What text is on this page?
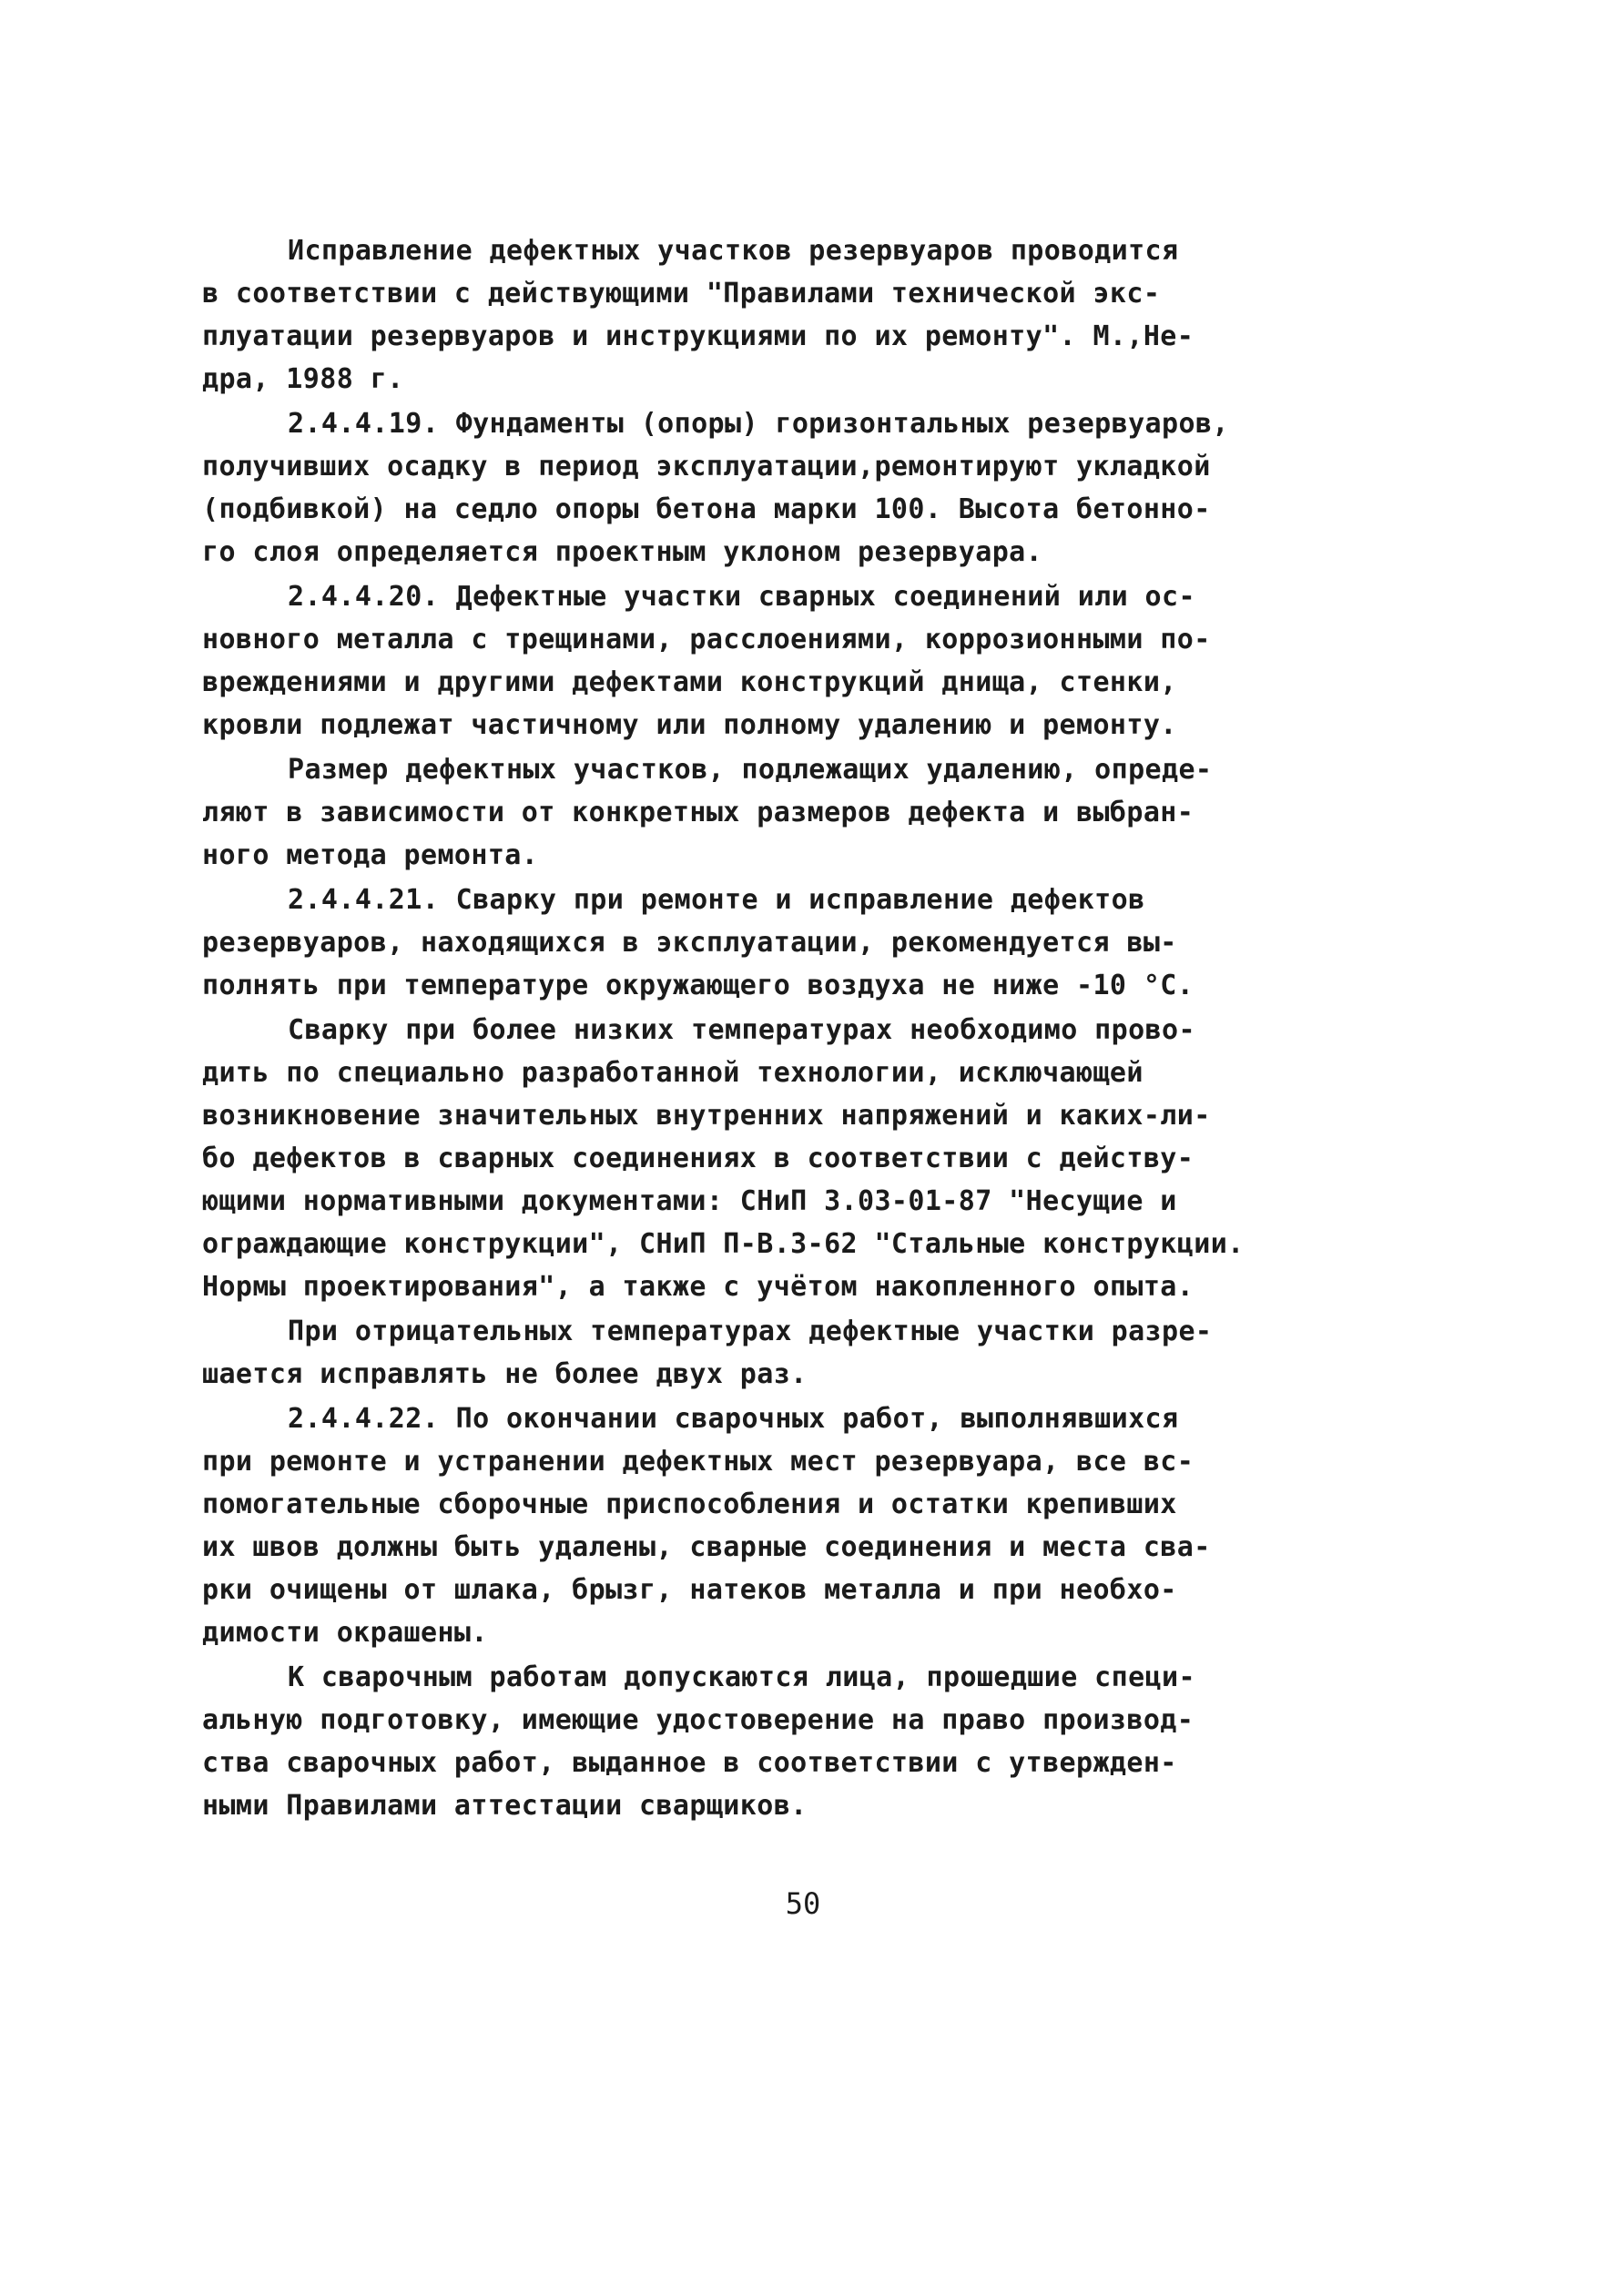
Исправление дефектных участков резервуаров проводится
в соответствии с действующими "Правилами технической экс-
плуатации резервуаров и инструкциями по их ремонту". М.,Не-
дра, 1988 г.
2.4.4.19. Фундаменты (опоры) горизонтальных резервуаров,
получивших осадку в период эксплуатации,ремонтируют укладкой
(подбивкой) на седло опоры бетона марки 100. Высота бетонно-
го слоя определяется проектным уклоном резервуара.
2.4.4.20. Дефектные участки сварных соединений или ос-
новного металла с трещинами, расслоениями, коррозионными по-
вреждениями и другими дефектами конструкций днища, стенки,
кровли подлежат частичному или полному удалению и ремонту.
Размер дефектных участков, подлежащих удалению, опреде-
ляют в зависимости от конкретных размеров дефекта и выбран-
ного метода ремонта.
2.4.4.21. Сварку при ремонте и исправление дефектов
резервуаров, находящихся в эксплуатации, рекомендуется вы-
полнять при температуре окружающего воздуха не ниже -10 °С.
Сварку при более низких температурах необходимо прово-
дить по специально разработанной технологии, исключающей
возникновение значительных внутренних напряжений и каких-ли-
бо дефектов в сварных соединениях в соответствии с действу-
ющими нормативными документами: СНиП 3.03-01-87 "Несущие и
ограждающие конструкции", СНиП П-В.3-62 "Стальные конструкции.
Нормы проектирования", а также с учётом накопленного опыта.
При отрицательных температурах дефектные участки разре-
шается исправлять не более двух раз.
2.4.4.22. По окончании сварочных работ, выполнявшихся
при ремонте и устранении дефектных мест резервуара, все вс-
помогательные сборочные приспособления и остатки крепивших
их швов должны быть удалены, сварные соединения и места сва-
рки очищены от шлака, брызг, натеков металла и при необхо-
димости окрашены.
К сварочным работам допускаются лица, прошедшие специ-
альную подготовку, имеющие удостоверение на право производ-
ства сварочных работ, выданное в соответствии с утвержден-
ными Правилами аттестации сварщиков.
50
